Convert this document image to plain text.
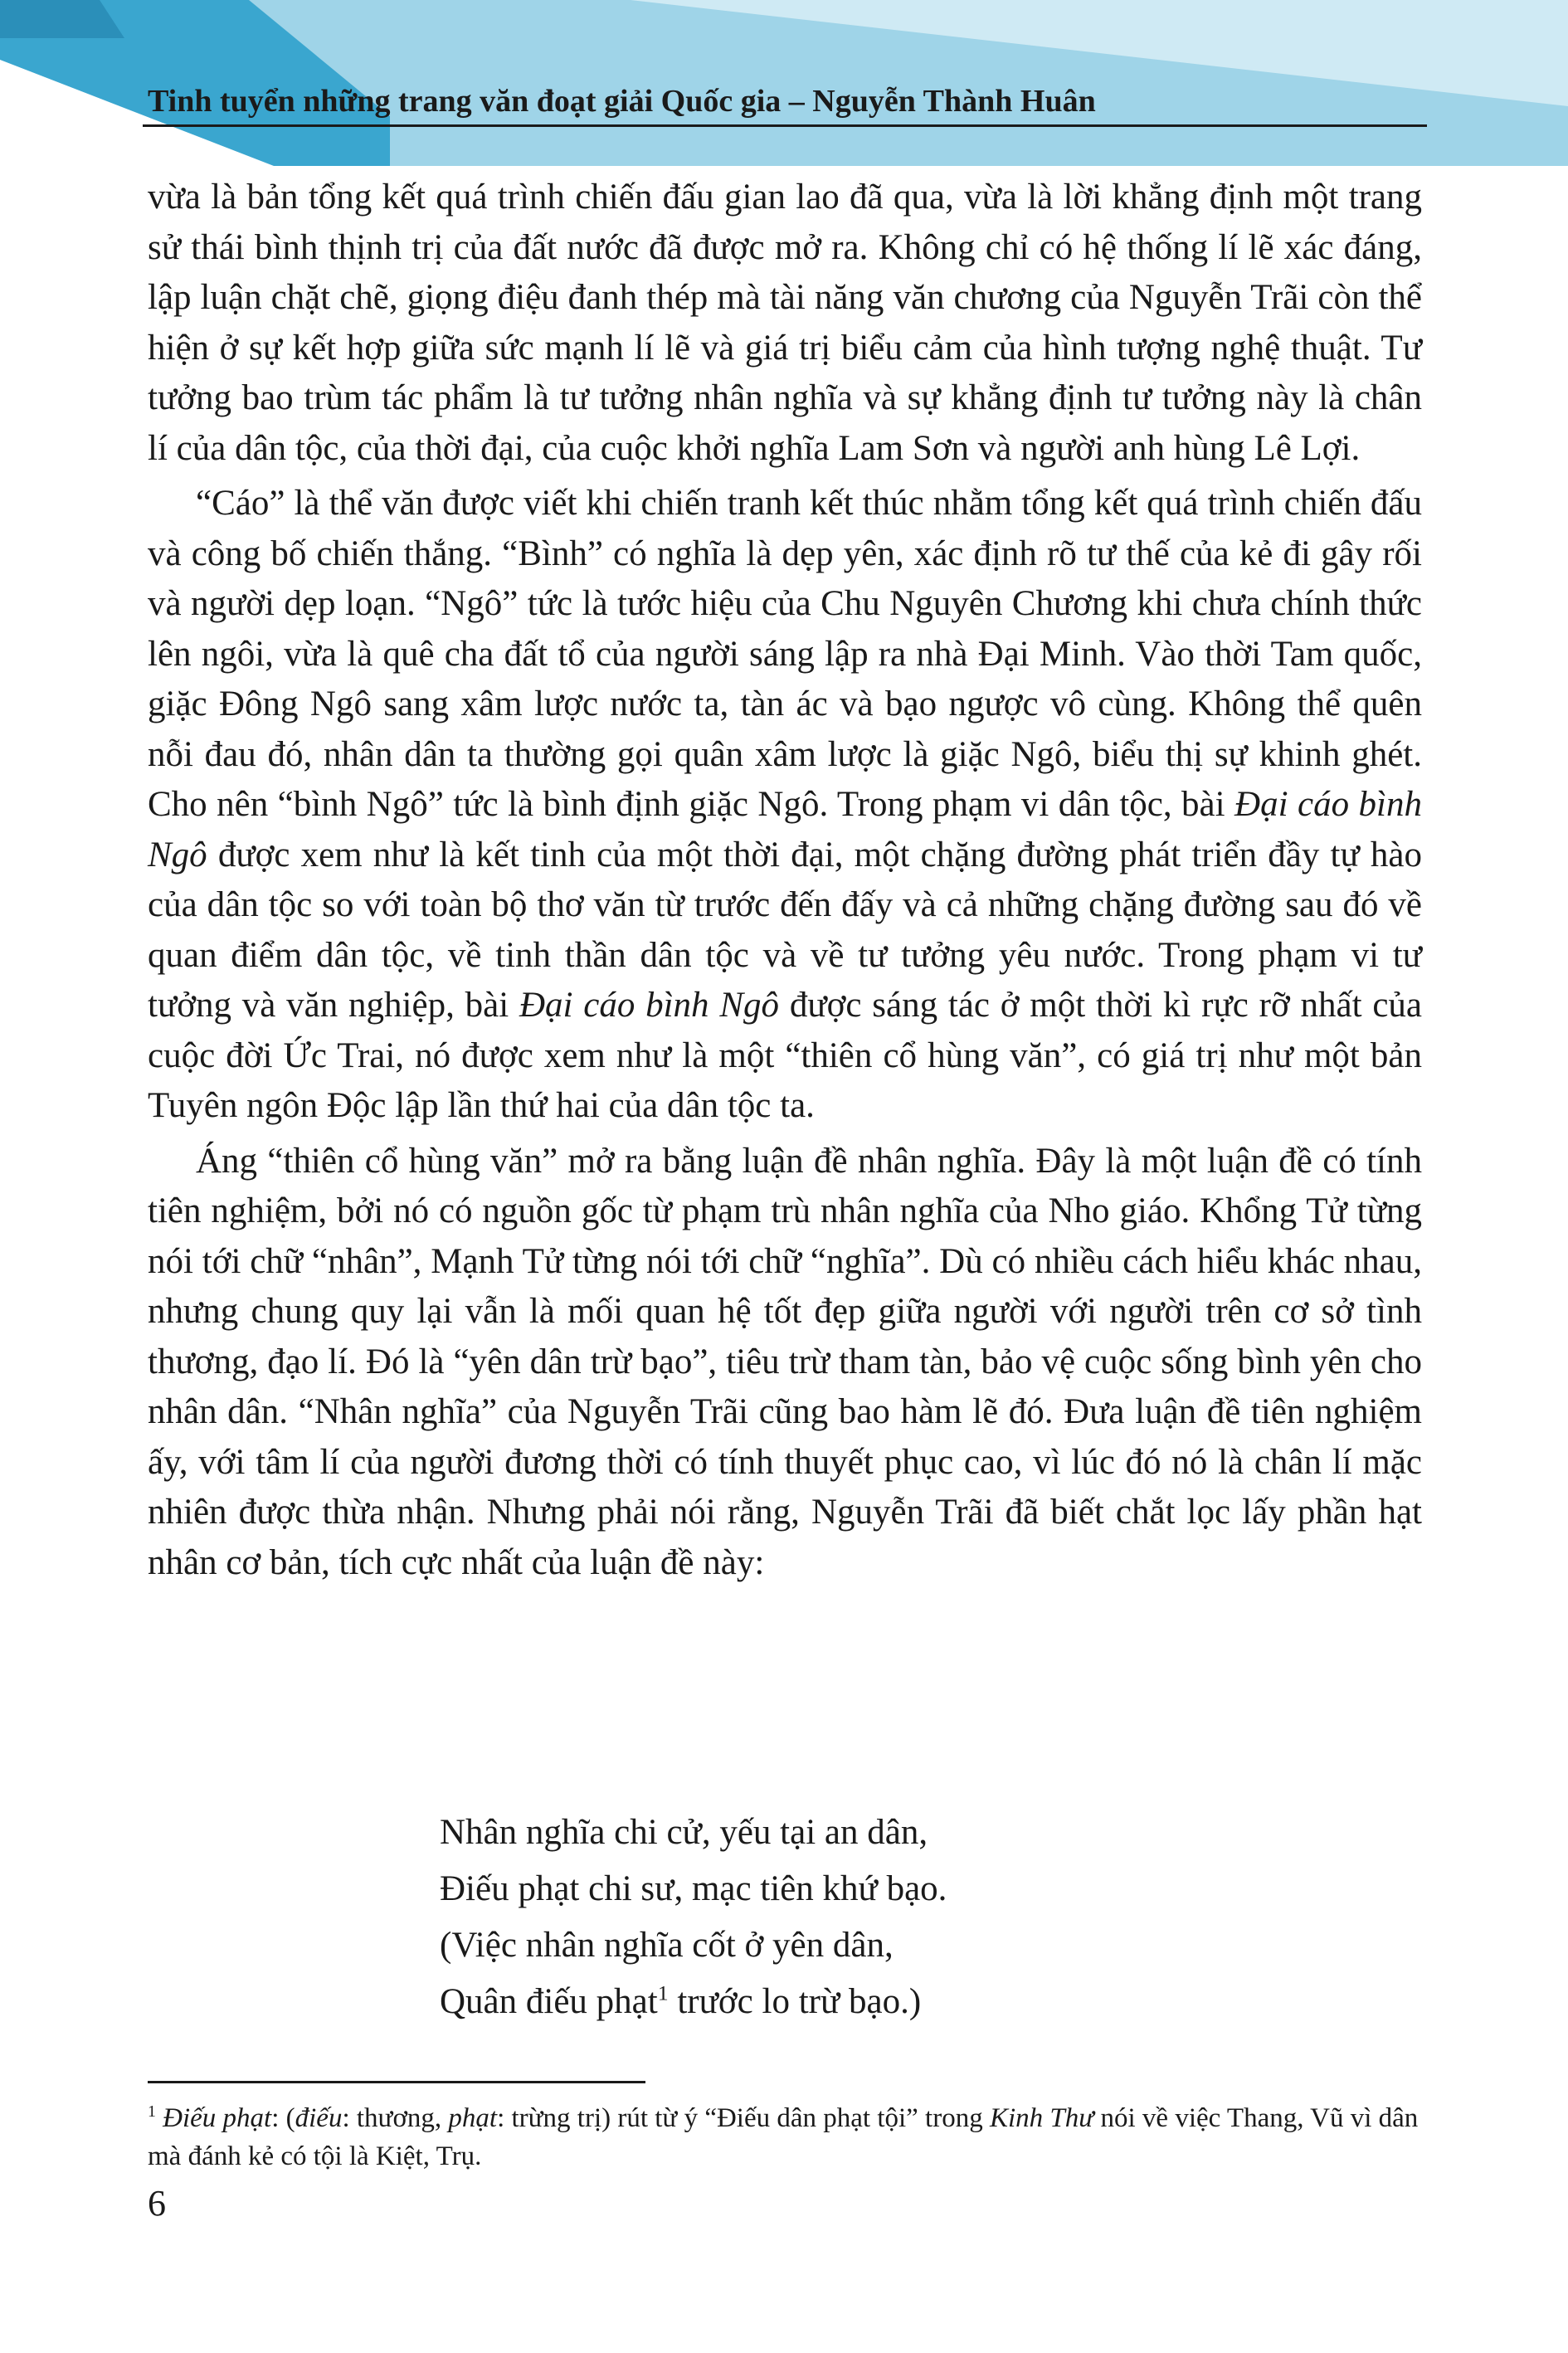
Tinh tuyển những trang văn đoạt giải Quốc gia – Nguyễn Thành Huân

vừa là bản tổng kết quá trình chiến đấu gian lao đã qua, vừa là lời khẳng định một trang sử thái bình thịnh trị của đất nước đã được mở ra. Không chỉ có hệ thống lí lẽ xác đáng, lập luận chặt chẽ, giọng điệu đanh thép mà tài năng văn chương của Nguyễn Trãi còn thể hiện ở sự kết hợp giữa sức mạnh lí lẽ và giá trị biểu cảm của hình tượng nghệ thuật. Tư tưởng bao trùm tác phẩm là tư tưởng nhân nghĩa và sự khẳng định tư tưởng này là chân lí của dân tộc, của thời đại, của cuộc khởi nghĩa Lam Sơn và người anh hùng Lê Lợi.

“Cáo” là thể văn được viết khi chiến tranh kết thúc nhằm tổng kết quá trình chiến đấu và công bố chiến thắng. “Bình” có nghĩa là dẹp yên, xác định rõ tư thế của kẻ đi gây rối và người dẹp loạn. “Ngô” tức là tước hiệu của Chu Nguyên Chương khi chưa chính thức lên ngôi, vừa là quê cha đất tổ của người sáng lập ra nhà Đại Minh. Vào thời Tam quốc, giặc Đông Ngô sang xâm lược nước ta, tàn ác và bạo ngược vô cùng. Không thể quên nỗi đau đó, nhân dân ta thường gọi quân xâm lược là giặc Ngô, biểu thị sự khinh ghét. Cho nên “bình Ngô” tức là bình định giặc Ngô. Trong phạm vi dân tộc, bài Đại cáo bình Ngô được xem như là kết tinh của một thời đại, một chặng đường phát triển đầy tự hào của dân tộc so với toàn bộ thơ văn từ trước đến đấy và cả những chặng đường sau đó về quan điểm dân tộc, về tinh thần dân tộc và về tư tưởng yêu nước. Trong phạm vi tư tưởng và văn nghiệp, bài Đại cáo bình Ngô được sáng tác ở một thời kì rực rỡ nhất của cuộc đời Ức Trai, nó được xem như là một “thiên cổ hùng văn”, có giá trị như một bản Tuyên ngôn Độc lập lần thứ hai của dân tộc ta.

Áng “thiên cổ hùng văn” mở ra bằng luận đề nhân nghĩa. Đây là một luận đề có tính tiên nghiệm, bởi nó có nguồn gốc từ phạm trù nhân nghĩa của Nho giáo. Khổng Tử từng nói tới chữ “nhân”, Mạnh Tử từng nói tới chữ “nghĩa”. Dù có nhiều cách hiểu khác nhau, nhưng chung quy lại vẫn là mối quan hệ tốt đẹp giữa người với người trên cơ sở tình thương, đạo lí. Đó là “yên dân trừ bạo”, tiêu trừ tham tàn, bảo vệ cuộc sống bình yên cho nhân dân. “Nhân nghĩa” của Nguyễn Trãi cũng bao hàm lẽ đó. Đưa luận đề tiên nghiệm ấy, với tâm lí của người đương thời có tính thuyết phục cao, vì lúc đó nó là chân lí mặc nhiên được thừa nhận. Nhưng phải nói rằng, Nguyễn Trãi đã biết chắt lọc lấy phần hạt nhân cơ bản, tích cực nhất của luận đề này:

Nhân nghĩa chi cử, yếu tại an dân,
Điếu phạt chi sư, mạc tiên khứ bạo.
(Việc nhân nghĩa cốt ở yên dân,
Quân điếu phạt$^1$ trước lo trừ bạo.)

$^1$ Điếu phạt: (điếu: thương, phạt: trừng trị) rút từ ý “Điếu dân phạt tội” trong Kinh Thư nói về việc Thang, Vũ vì dân mà đánh kẻ có tội là Kiệt, Trụ.

6
